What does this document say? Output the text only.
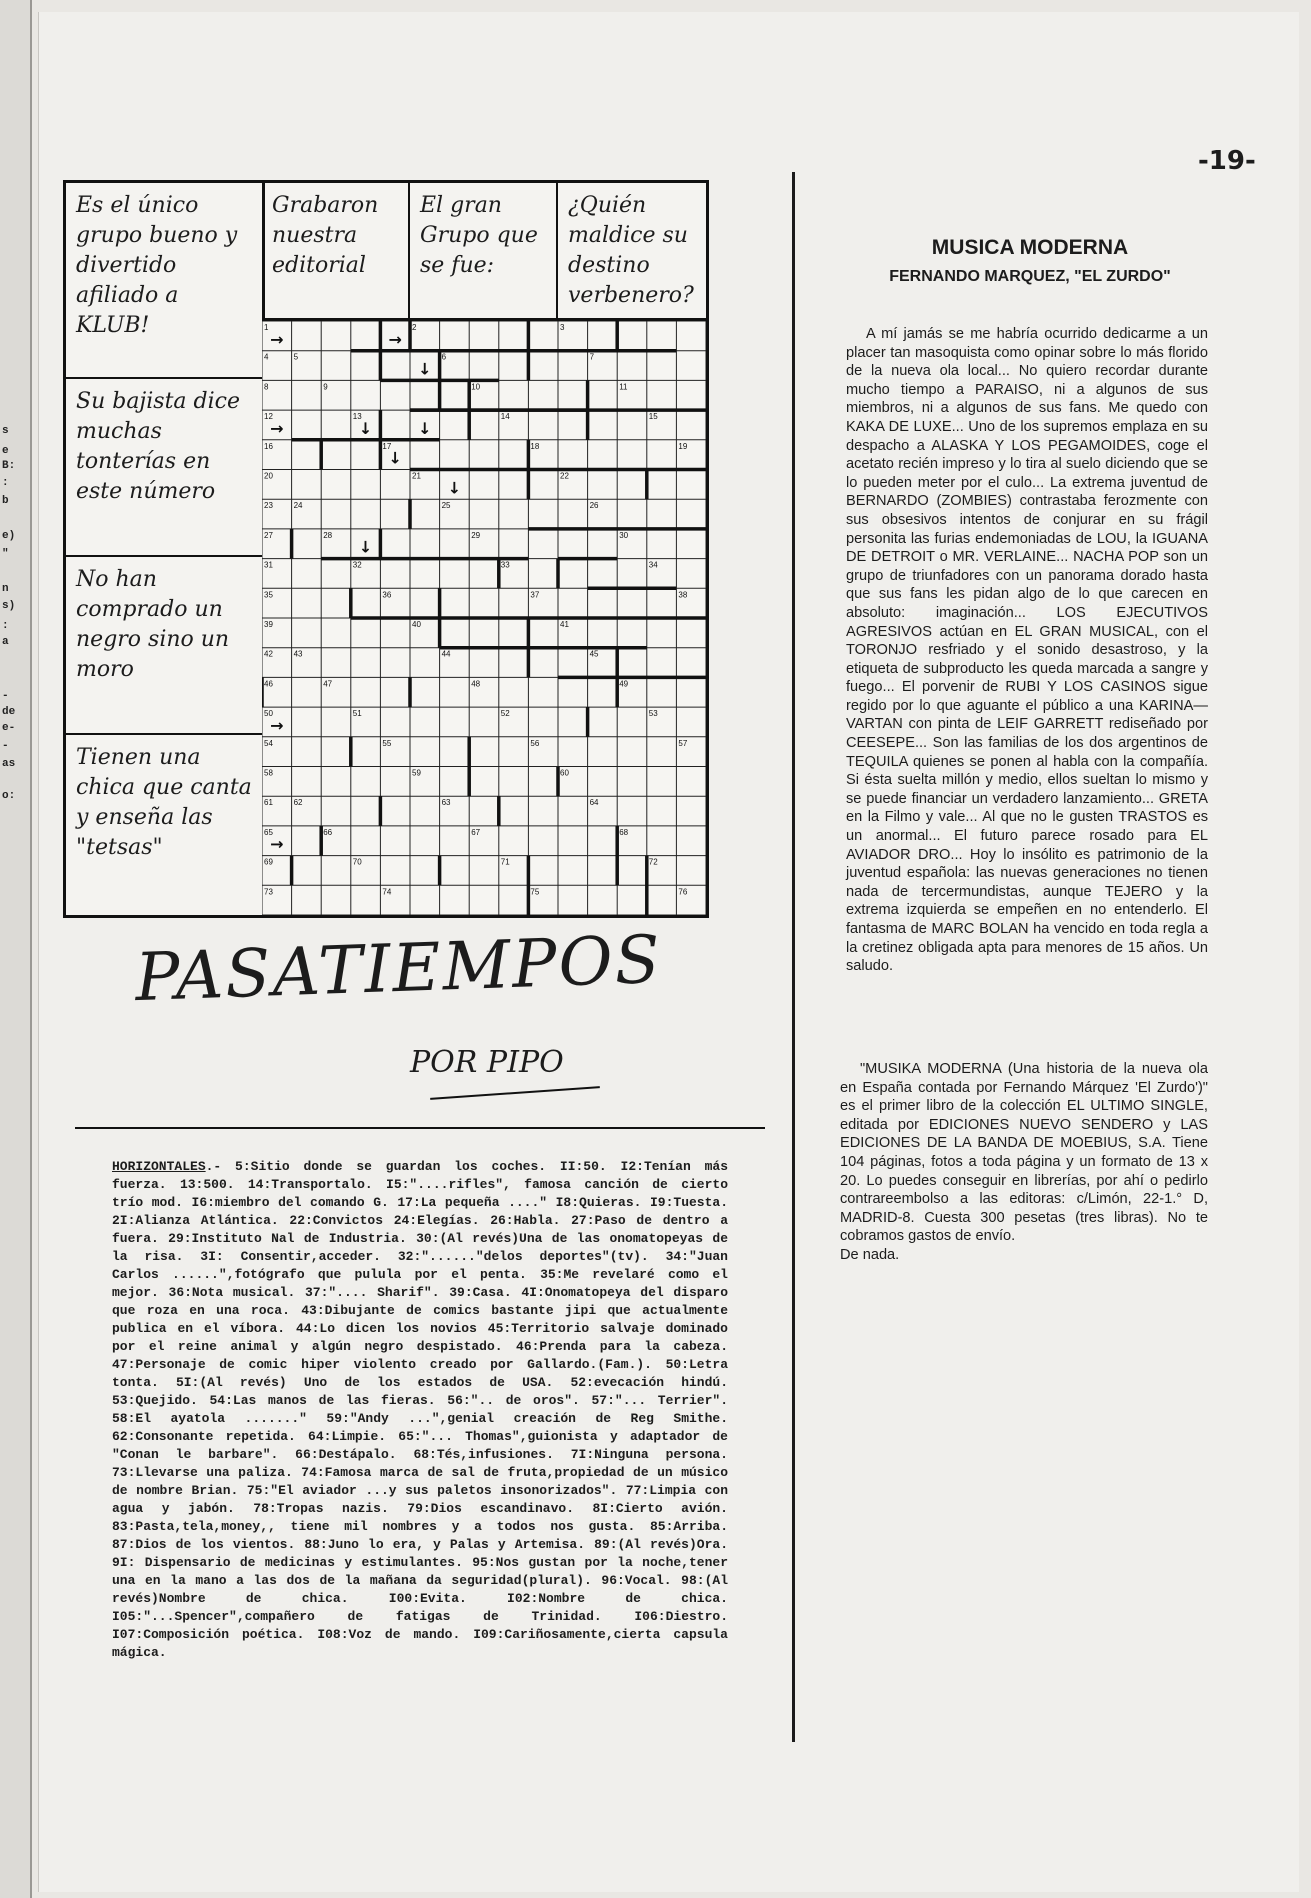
s
e
B:
:
b
e)
"
n
s)
:
a
-
de
e-
-
as
o:
-19-
Es el único grupo bueno y divertido afiliado a KLUB!
Su bajista dice muchas tonterías en este número
No han comprado un negro sino un moro
Tienen una chica que canta y enseña las "tetsas"
Grabaron nuestra editorial
El gran Grupo que se fue:
¿Quién maldice su destino verbenero?
1	2	3
4	5	6	7
8	9	10	11
12	13	14	15
16	17	18	19
20	21	22
23	24	25	26
27	28	29	30
31	32	33	34
35	36	37	38
39	40	41
42	43	44	45
46	47	48	49
50	51	52	53
54	55	56	57
58	59	60
61	62	63	64
65	66	67	68
69	70	71	72
73	74	75	76
↓
↓
↓
↓
↓
↓
→
→
→
→
→
PASATIEMPOS
POR PIPO
HORIZONTALES.- 5:Sitio donde se guardan los coches. II:50. I2:Tenían más fuerza. 13:500. 14:Transportalo. I5:"....rifles", famosa canción de cierto trío mod. I6:miembro del comando G. 17:La pequeña ...." I8:Quieras. I9:Tuesta. 2I:Alianza Atlántica. 22:Convictos 24:Elegías. 26:Habla. 27:Paso de dentro a fuera. 29:Instituto Nal de Industria. 30:(Al revés)Una de las onomatopeyas de la risa. 3I: Consentir,acceder. 32:"......"delos deportes"(tv). 34:"Juan Carlos ......",fotógrafo que pulula por el penta. 35:Me revelaré como el mejor. 36:Nota musical. 37:".... Sharif". 39:Casa. 4I:Onomatopeya del disparo que roza en una roca. 43:Dibujante de comics bastante jipi que actualmente publica en el víbora. 44:Lo dicen los novios 45:Territorio salvaje dominado por el reine animal y algún negro despistado. 46:Prenda para la cabeza. 47:Personaje de comic hiper violento creado por Gallardo.(Fam.). 50:Letra tonta. 5I:(Al revés) Uno de los estados de USA. 52:evecación hindú. 53:Quejido. 54:Las manos de las fieras. 56:".. de oros". 57:"... Terrier". 58:El ayatola ......." 59:"Andy ...",genial creación de Reg Smithe. 62:Consonante repetida. 64:Limpie. 65:"... Thomas",guionista y adaptador de "Conan le barbare". 66:Destápalo. 68:Tés,infusiones. 7I:Ninguna persona. 73:Llevarse una paliza. 74:Famosa marca de sal de fruta,propiedad de un músico de nombre Brian. 75:"El aviador ...y sus paletos insonorizados". 77:Limpia con agua y jabón. 78:Tropas nazis. 79:Dios escandinavo. 8I:Cierto avión. 83:Pasta,tela,money,, tiene mil nombres y a todos nos gusta. 85:Arriba. 87:Dios de los vientos. 88:Juno lo era, y Palas y Artemisa. 89:(Al revés)Ora. 9I: Dispensario de medicinas y estimulantes. 95:Nos gustan por la noche,tener una en la mano a las dos de la mañana da seguridad(plural). 96:Vocal. 98:(Al revés)Nombre de chica. I00:Evita. I02:Nombre de chica. I05:"...Spencer",compañero de fatigas de Trinidad. I06:Diestro. I07:Composición poética. I08:Voz de mando. I09:Cariñosamente,cierta capsula mágica.
MUSICA MODERNA
FERNANDO MARQUEZ, "EL ZURDO"

A mí jamás se me habría ocurrido dedicarme a un placer tan masoquista como opinar sobre lo más florido de la nueva ola local... No quiero recordar durante mucho tiempo a PARAISO, ni a algunos de sus miembros, ni a algunos de sus fans. Me quedo con KAKA DE LUXE... Uno de los supremos emplaza en su despacho a ALASKA Y LOS PEGAMOIDES, coge el acetato recién impreso y lo tira al suelo diciendo que se lo pueden meter por el culo... La extrema juventud de BERNARDO (ZOMBIES) contrastaba ferozmente con sus obsesivos intentos de conjurar en su frágil personita las furias endemoniadas de LOU, la IGUANA DE DETROIT o MR. VERLAINE... NACHA POP son un grupo de triunfadores con un panorama dorado hasta que sus fans les pidan algo de lo que carecen en absoluto: imaginación... LOS EJECUTIVOS AGRESIVOS actúan en EL GRAN MUSICAL, con el TORONJO resfriado y el sonido desastroso, y la etiqueta de subproducto les queda marcada a sangre y fuego... El porvenir de RUBI Y LOS CASINOS sigue regido por lo que aguante el público a una KARINA—VARTAN con pinta de LEIF GARRETT rediseñado por CEESEPE... Son las familias de los dos argentinos de TEQUILA quienes se ponen al habla con la compañía. Si ésta suelta millón y medio, ellos sueltan lo mismo y se puede financiar un verdadero lanzamiento... GRETA en la Filmo y vale... Al que no le gusten TRASTOS es un anormal... El futuro parece rosado para EL AVIADOR DRO... Hoy lo insólito es patrimonio de la juventud española: las nuevas generaciones no tienen nada de tercermundistas, aunque TEJERO y la extrema izquierda se empeñen en no entenderlo. El fantasma de MARC BOLAN ha vencido en toda regla a la cretinez obligada apta para menores de 15 años. Un saludo.

"MUSIKA MODERNA (Una historia de la nueva ola en España contada por Fernando Márquez 'El Zurdo')" es el primer libro de la colección EL ULTIMO SINGLE, editada por EDICIONES NUEVO SENDERO y LAS EDICIONES DE LA BANDA DE MOEBIUS, S.A. Tiene 104 páginas, fotos a toda página y un formato de 13 x 20. Lo puedes conseguir en librerías, por ahí o pedirlo contrareembolso a las editoras: c/Limón, 22-1.° D, MADRID-8. Cuesta 300 pesetas (tres libras). No te cobramos gastos de envío.

De nada.
